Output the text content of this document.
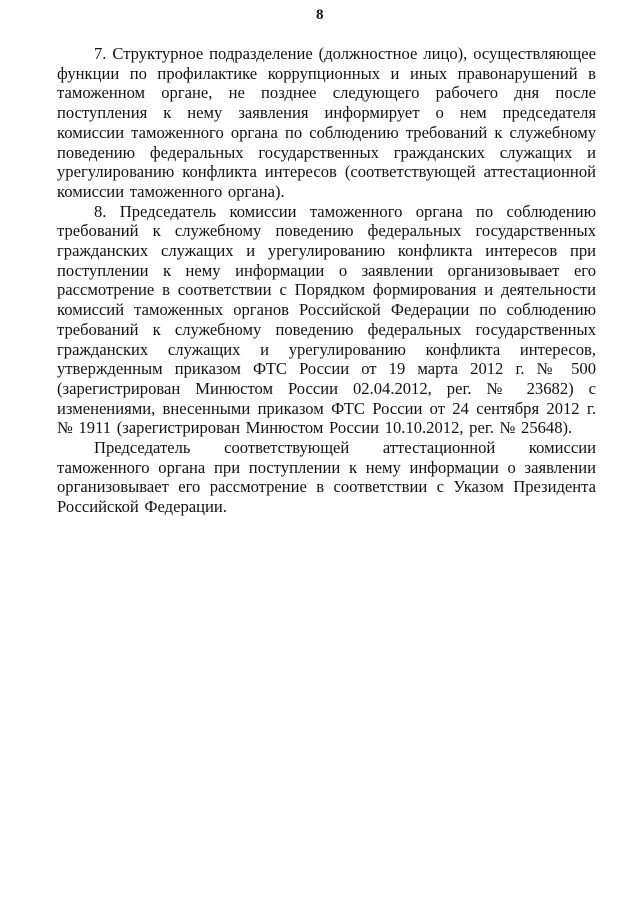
8

7. Структурное подразделение (должностное лицо), осуществляющее функции по профилактике коррупционных и иных правонарушений в таможенном органе, не позднее следующего рабочего дня после поступления к нему заявления информирует о нем председателя комиссии таможенного органа по соблюдению требований к служебному поведению федеральных государственных гражданских служащих и урегулированию конфликта интересов (соответствующей аттестационной комиссии таможенного органа).

8. Председатель комиссии таможенного органа по соблюдению требований к служебному поведению федеральных государственных гражданских служащих и урегулированию конфликта интересов при поступлении к нему информации о заявлении организовывает его рассмотрение в соответствии с Порядком формирования и деятельности комиссий таможенных органов Российской Федерации по соблюдению требований к служебному поведению федеральных государственных гражданских служащих и урегулированию конфликта интересов, утвержденным приказом ФТС России от 19 марта 2012 г. № 500 (зарегистрирован Минюстом России 02.04.2012, рег. № 23682) с изменениями, внесенными приказом ФТС России от 24 сентября 2012 г. № 1911 (зарегистрирован Минюстом России 10.10.2012, рег. № 25648).

Председатель соответствующей аттестационной комиссии таможенного органа при поступлении к нему информации о заявлении организовывает его рассмотрение в соответствии с Указом Президента Российской Федерации.
